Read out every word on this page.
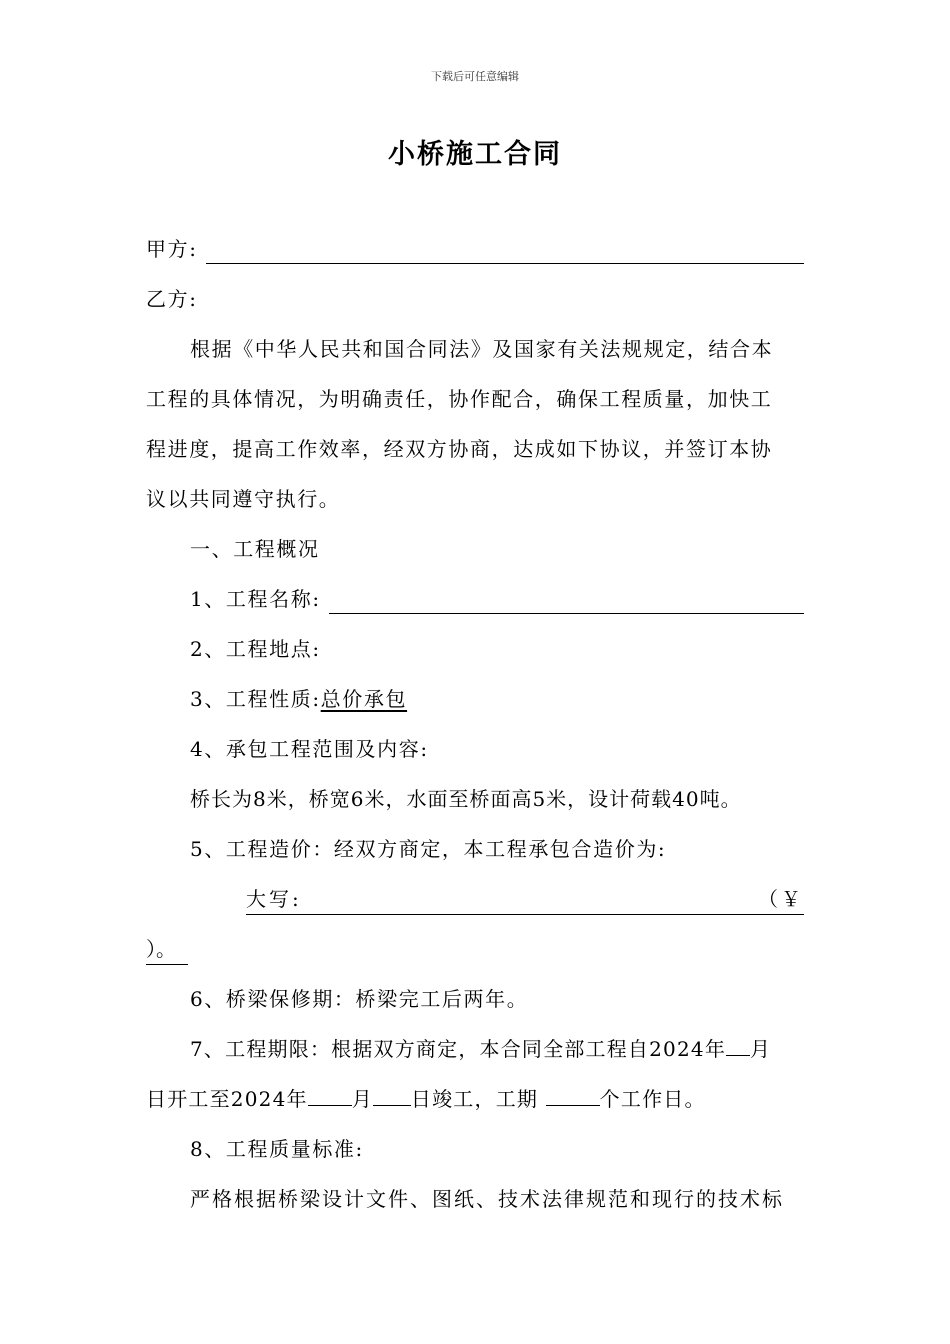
下载后可任意编辑
小桥施工合同
甲方:
乙方:
根据《中华人民共和国合同法》及国家有关法规规定，结合本
工程的具体情况，为明确责任，协作配合，确保工程质量，加快工
程进度，提高工作效率，经双方协商，达成如下协议，并签订本协
议以共同遵守执行。
一、工程概况
1、工程名称:
2、工程地点:
3、工程性质:总价承包
4、承包工程范围及内容:
桥长为8米，桥宽6米，水面至桥面高5米，设计荷载40吨。
5、工程造价：经双方商定，本工程承包合造价为:
大写:	（￥
）。
6、桥梁保修期：桥梁完工后两年。
7、工程期限：根据双方商定，本合同全部工程自2024年 月
日开工至2024年 月 日竣工，工期	个工作日。
8、工程质量标准:
严格根据桥梁设计文件、图纸、技术法律规范和现行的技术标
